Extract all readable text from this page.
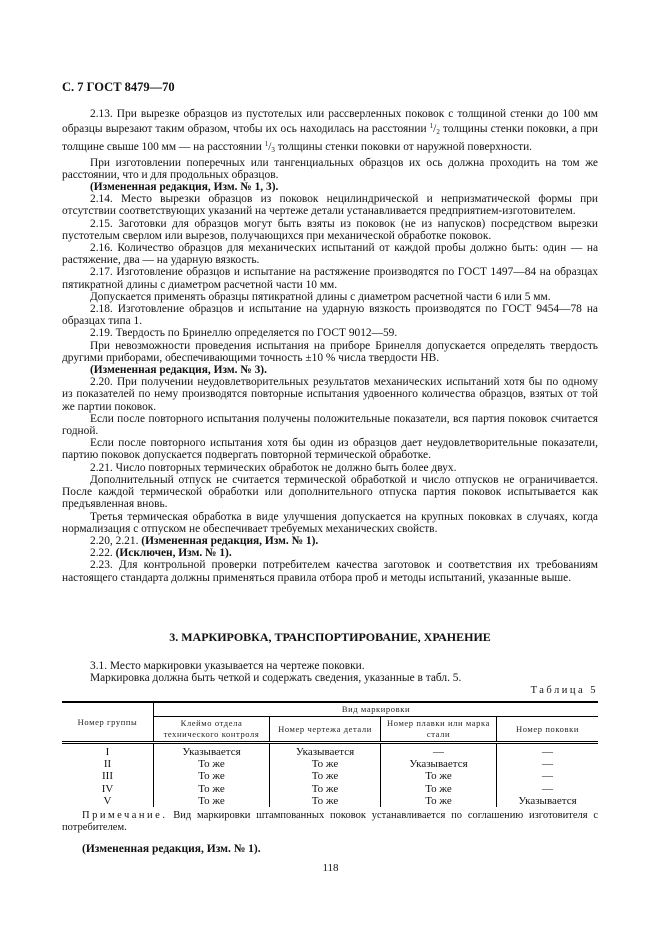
С. 7 ГОСТ 8479—70

2.13. При вырезке образцов из пустотелых или рассверленных поковок с толщиной стенки до 100 мм образцы вырезают таким образом, чтобы их ось находилась на расстоянии $^1/_2$ толщины стенки поковки, а при толщине свыше 100 мм — на расстоянии $^1/_3$ толщины стенки поковки от наружной поверхности.

При изготовлении поперечных или тангенциальных образцов их ось должна проходить на том же расстоянии, что и для продольных образцов.

(Измененная редакция, Изм. № 1, 3).

2.14. Место вырезки образцов из поковок нецилиндрической и непризматической формы при отсутствии соответствующих указаний на чертеже детали устанавливается предприятием-изготовителем.

2.15. Заготовки для образцов могут быть взяты из поковок (не из напусков) посредством вырезки пустотелым сверлом или вырезов, получающихся при механической обработке поковок.

2.16. Количество образцов для механических испытаний от каждой пробы должно быть: один — на растяжение, два — на ударную вязкость.

2.17. Изготовление образцов и испытание на растяжение производятся по ГОСТ 1497—84 на образцах пятикратной длины с диаметром расчетной части 10 мм.

Допускается применять образцы пятикратной длины с диаметром расчетной части 6 или 5 мм.

2.18. Изготовление образцов и испытание на ударную вязкость производятся по ГОСТ 9454—78 на образцах типа 1.

2.19. Твердость по Бринеллю определяется по ГОСТ 9012—59.

При невозможности проведения испытания на приборе Бринелля допускается определять твердость другими приборами, обеспечивающими точность ±10 % числа твердости НВ.

(Измененная редакция, Изм. № 3).

2.20. При получении неудовлетворительных результатов механических испытаний хотя бы по одному из показателей по нему производятся повторные испытания удвоенного количества образцов, взятых от той же партии поковок.

Если после повторного испытания получены положительные показатели, вся партия поковок считается годной.

Если после повторного испытания хотя бы один из образцов дает неудовлетворительные показатели, партию поковок допускается подвергать повторной термической обработке.

2.21. Число повторных термических обработок не должно быть более двух.

Дополнительный отпуск не считается термической обработкой и число отпусков не ограничивается. После каждой термической обработки или дополнительного отпуска партия поковок испытывается как предъявленная вновь.

Третья термическая обработка в виде улучшения допускается на крупных поковках в случаях, когда нормализация с отпуском не обеспечивает требуемых механических свойств.

2.20, 2.21. (Измененная редакция, Изм. № 1).

2.22. (Исключен, Изм. № 1).

2.23. Для контрольной проверки потребителем качества заготовок и соответствия их требованиям настоящего стандарта должны применяться правила отбора проб и методы испытаний, указанные выше.

3. МАРКИРОВКА, ТРАНСПОРТИРОВАНИЕ, ХРАНЕНИЕ

3.1. Место маркировки указывается на чертеже поковки.

Маркировка должна быть четкой и содержать сведения, указанные в табл. 5.

Таблица 5
Номер группы	Вид маркировки			
	Клеймо отдела технического контроля	Номер чертежа детали	Номер плавки или марка стали	Номер поковки
I	Указывается	Указывается	—	—
II	То же	То же	Указывается	—
III	То же	То же	То же	—
IV	То же	То же	То же	—
V	То же	То же	То же	Указывается
Примечание. Вид маркировки штампованных поковок устанавливается по соглашению изготовителя с потребителем.
(Измененная редакция, Изм. № 1).
118
